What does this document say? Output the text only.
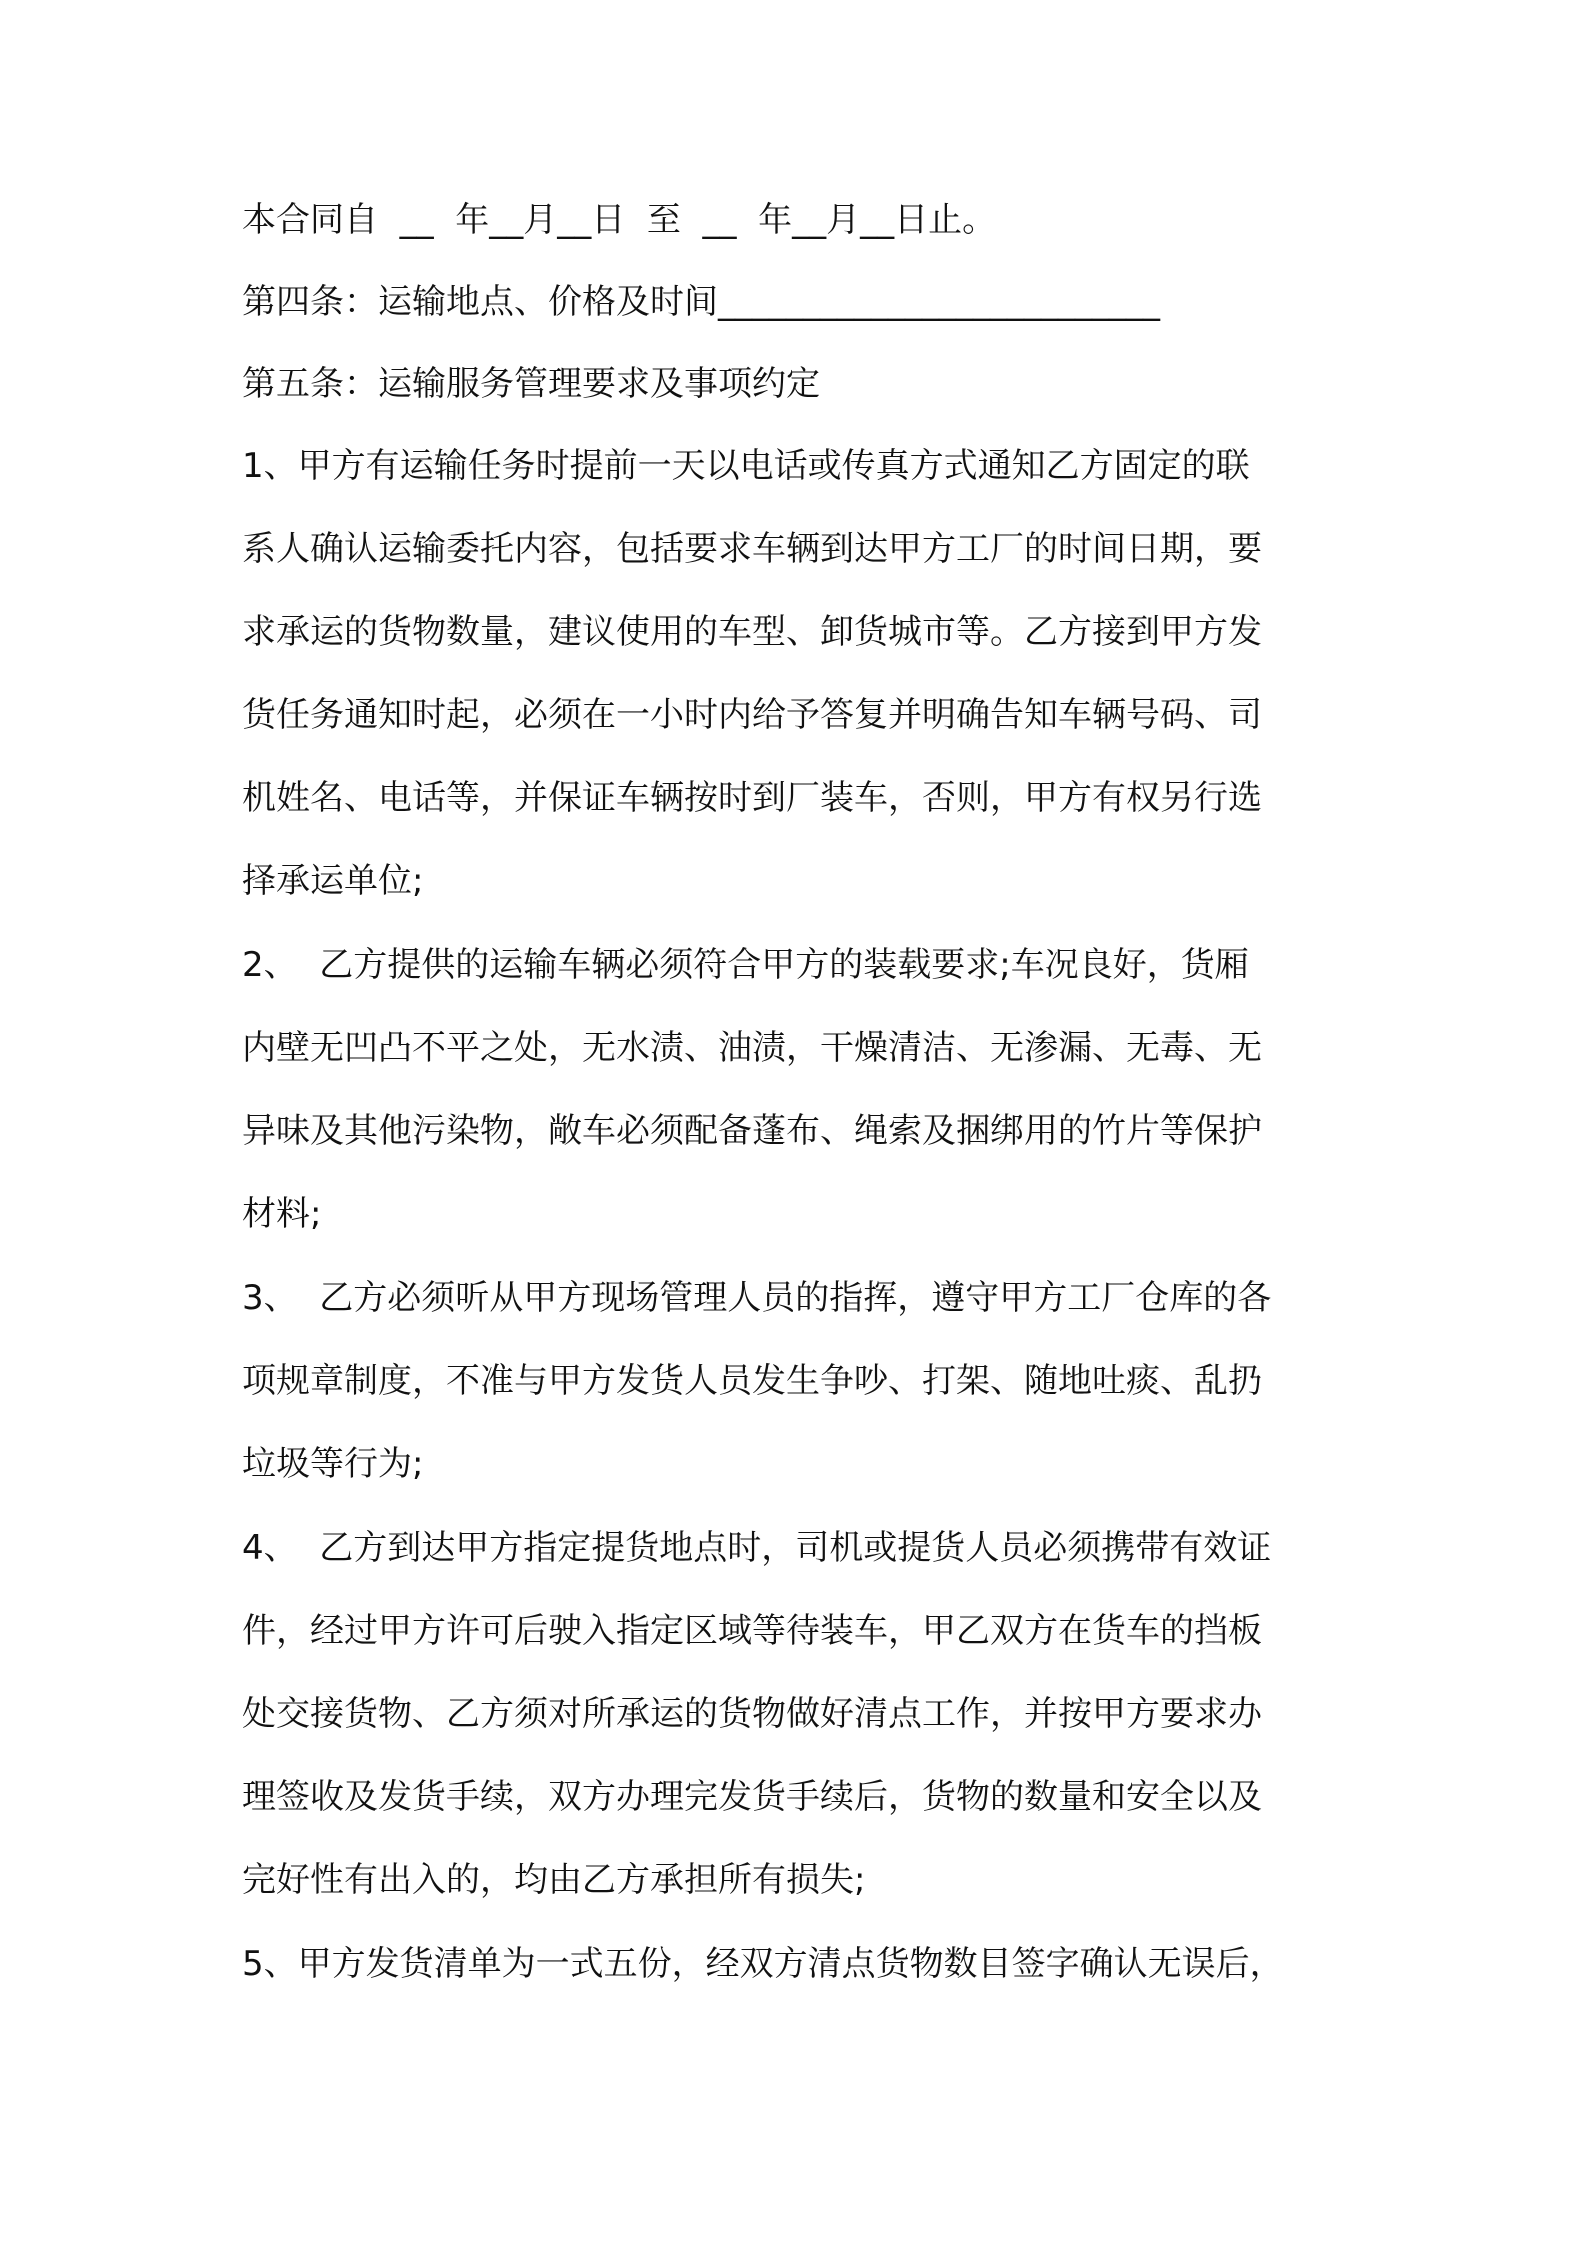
本合同自  __  年__月__日  至  __  年__月__日止。

第四条：运输地点、价格及时间__________________________

第五条：运输服务管理要求及事项约定

1、甲方有运输任务时提前一天以电话或传真方式通知乙方固定的联

系人确认运输委托内容，包括要求车辆到达甲方工厂的时间日期，要

求承运的货物数量，建议使用的车型、卸货城市等。乙方接到甲方发

货任务通知时起，必须在一小时内给予答复并明确告知车辆号码、司

机姓名、电话等，并保证车辆按时到厂装车，否则，甲方有权另行选

择承运单位;

2、  乙方提供的运输车辆必须符合甲方的装载要求;车况良好，货厢

内壁无凹凸不平之处，无水渍、油渍，干燥清洁、无渗漏、无毒、无

异味及其他污染物，敞车必须配备蓬布、绳索及捆绑用的竹片等保护

材料;

3、  乙方必须听从甲方现场管理人员的指挥，遵守甲方工厂仓库的各

项规章制度，不准与甲方发货人员发生争吵、打架、随地吐痰、乱扔

垃圾等行为;

4、  乙方到达甲方指定提货地点时，司机或提货人员必须携带有效证

件，经过甲方许可后驶入指定区域等待装车，甲乙双方在货车的挡板

处交接货物、乙方须对所承运的货物做好清点工作，并按甲方要求办

理签收及发货手续，双方办理完发货手续后，货物的数量和安全以及

完好性有出入的，均由乙方承担所有损失;

5、甲方发货清单为一式五份，经双方清点货物数目签字确认无误后，
